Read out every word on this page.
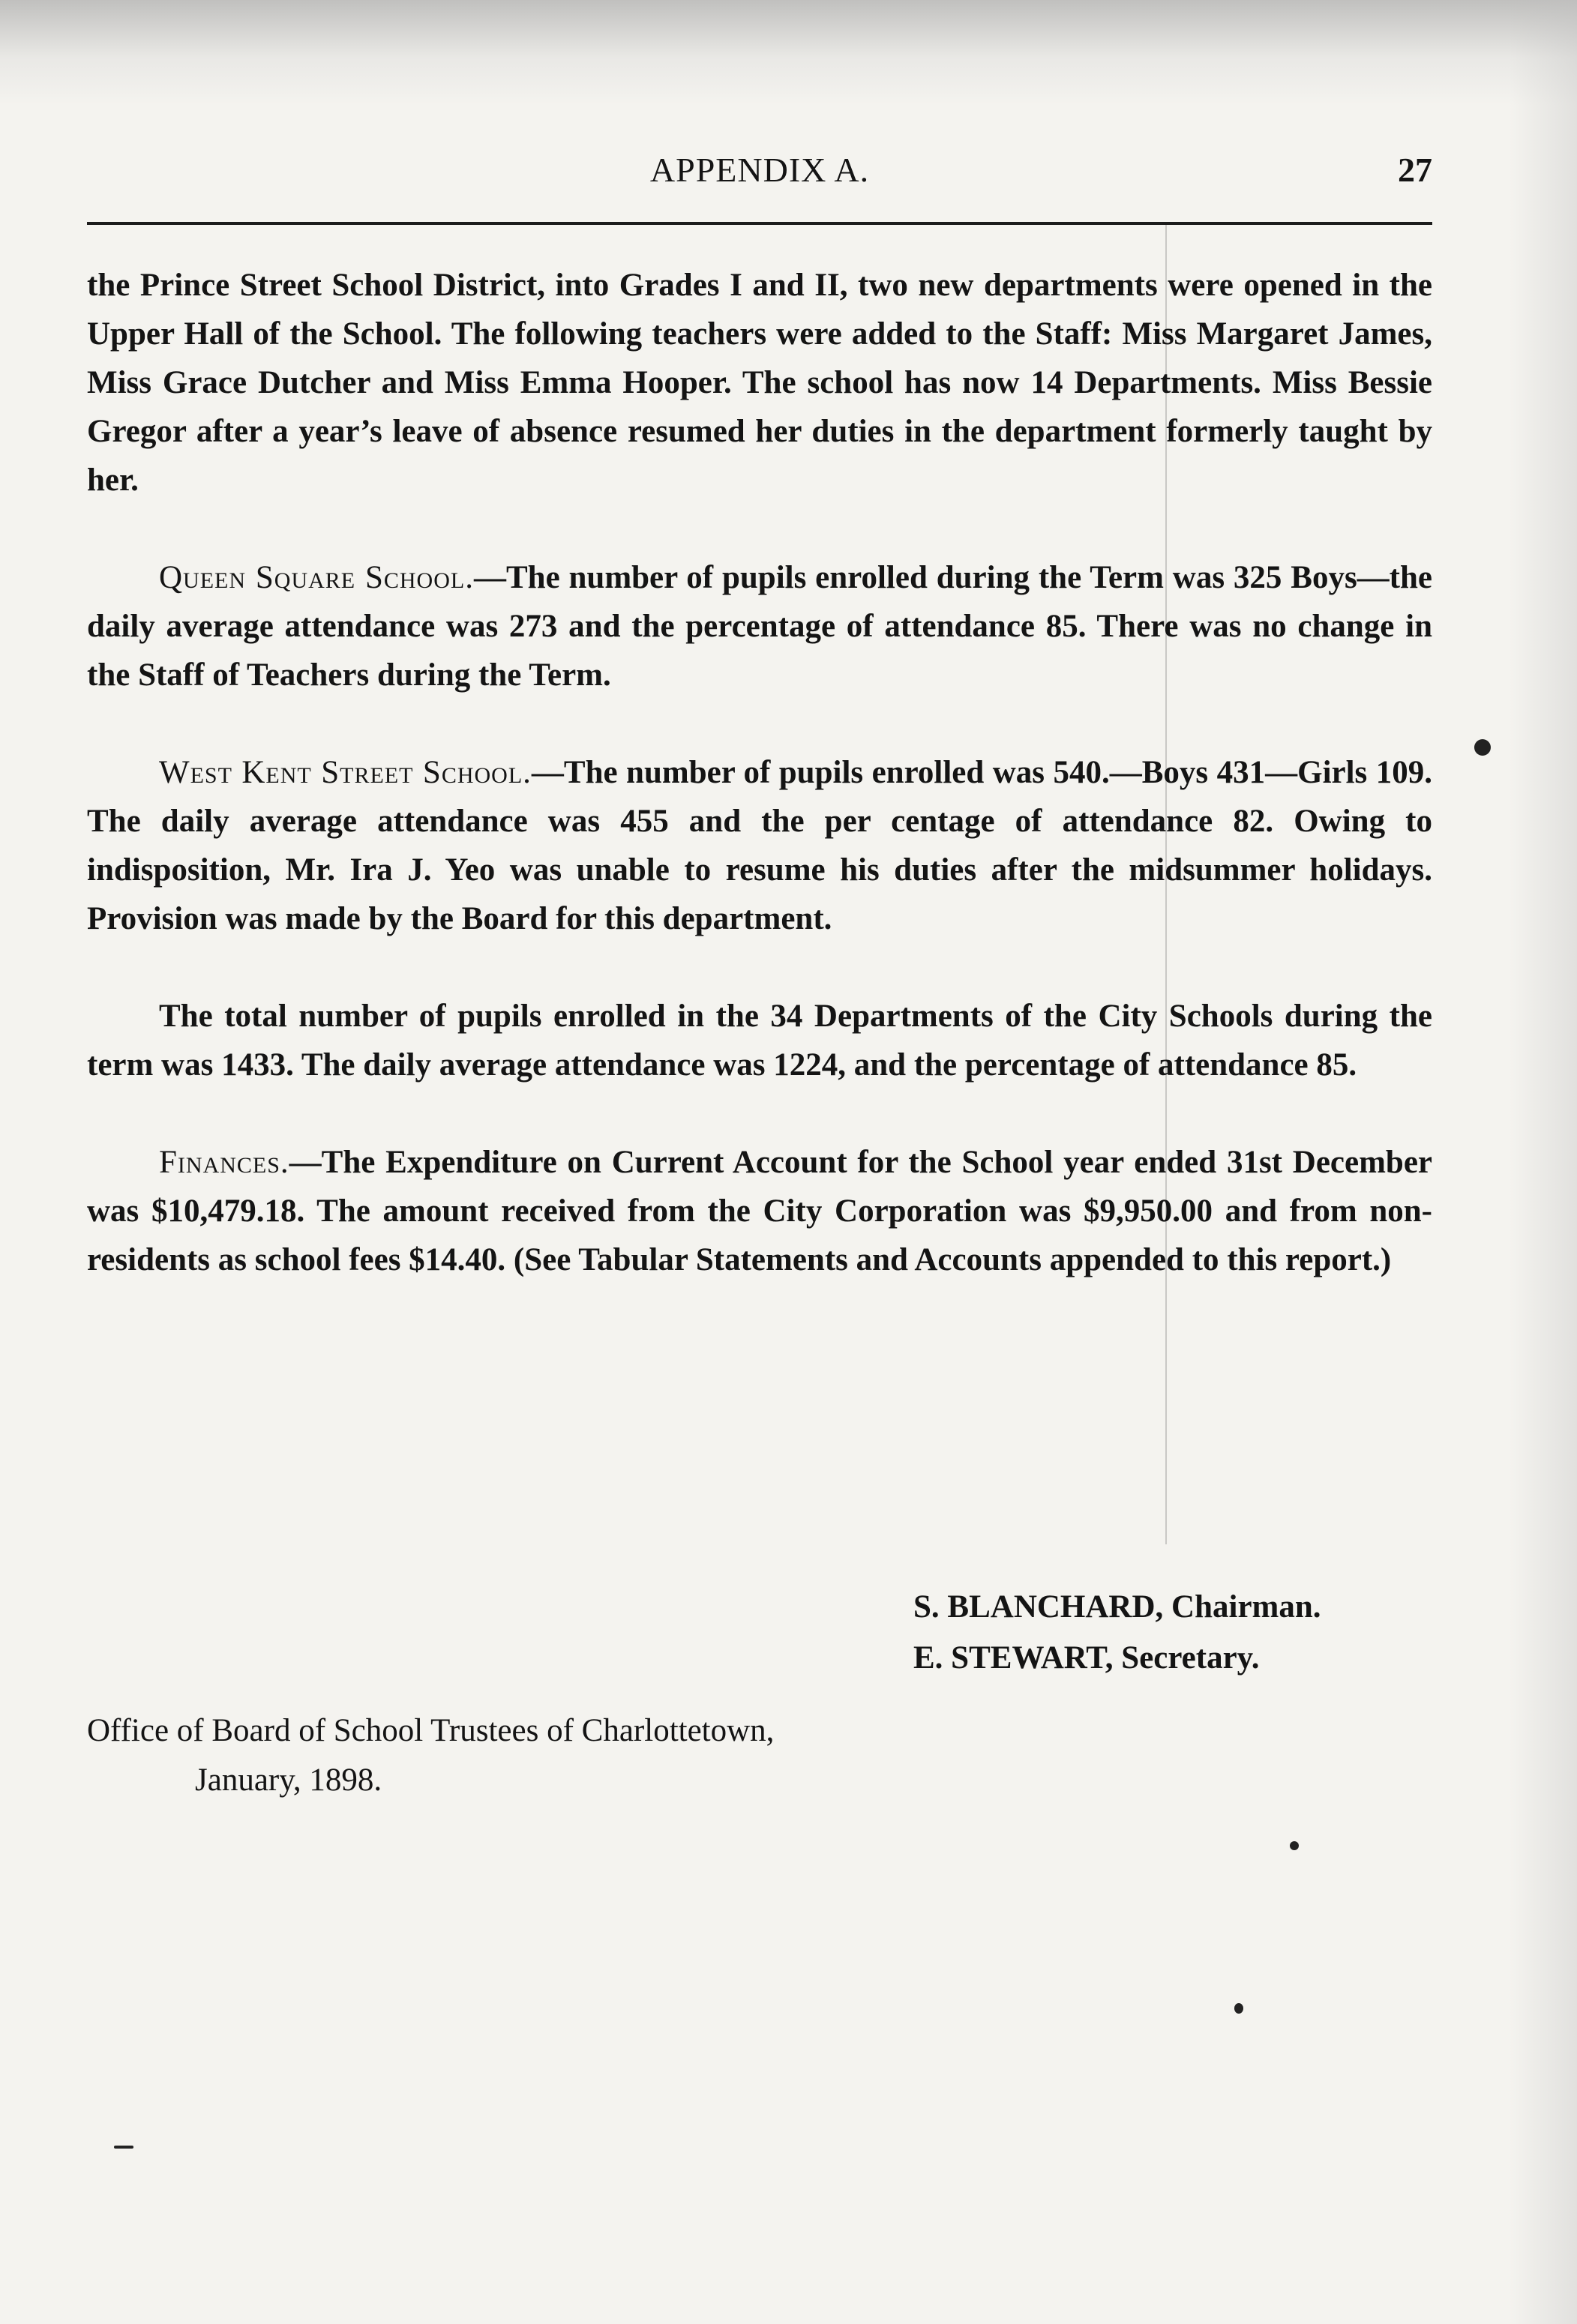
APPENDIX A.	27

the Prince Street School District, into Grades I and II, two new departments were opened in the Upper Hall of the School. The following teachers were added to the Staff: Miss Margaret James, Miss Grace Dutcher and Miss Emma Hooper. The school has now 14 Departments. Miss Bessie Gregor after a year’s leave of absence resumed her duties in the department formerly taught by her.

Queen Square School.—The number of pupils enrolled during the Term was 325 Boys—the daily average attendance was 273 and the percentage of attendance 85. There was no change in the Staff of Teachers during the Term.

West Kent Street School.—The number of pupils enrolled was 540.—Boys 431—Girls 109. The daily average attendance was 455 and the per centage of attendance 82. Owing to indisposition, Mr. Ira J. Yeo was unable to resume his duties after the midsummer holidays. Provision was made by the Board for this department.

The total number of pupils enrolled in the 34 Departments of the City Schools during the term was 1433. The daily average attendance was 1224, and the percentage of attendance 85.

Finances.—The Expenditure on Current Account for the School year ended 31st December was $10,479.18. The amount received from the City Corporation was $9,950.00 and from non-residents as school fees $14.40. (See Tabular Statements and Accounts appended to this report.)

S. BLANCHARD, Chairman.
E. STEWART, Secretary.
Office of Board of School Trustees of Charlottetown,
January, 1898.
